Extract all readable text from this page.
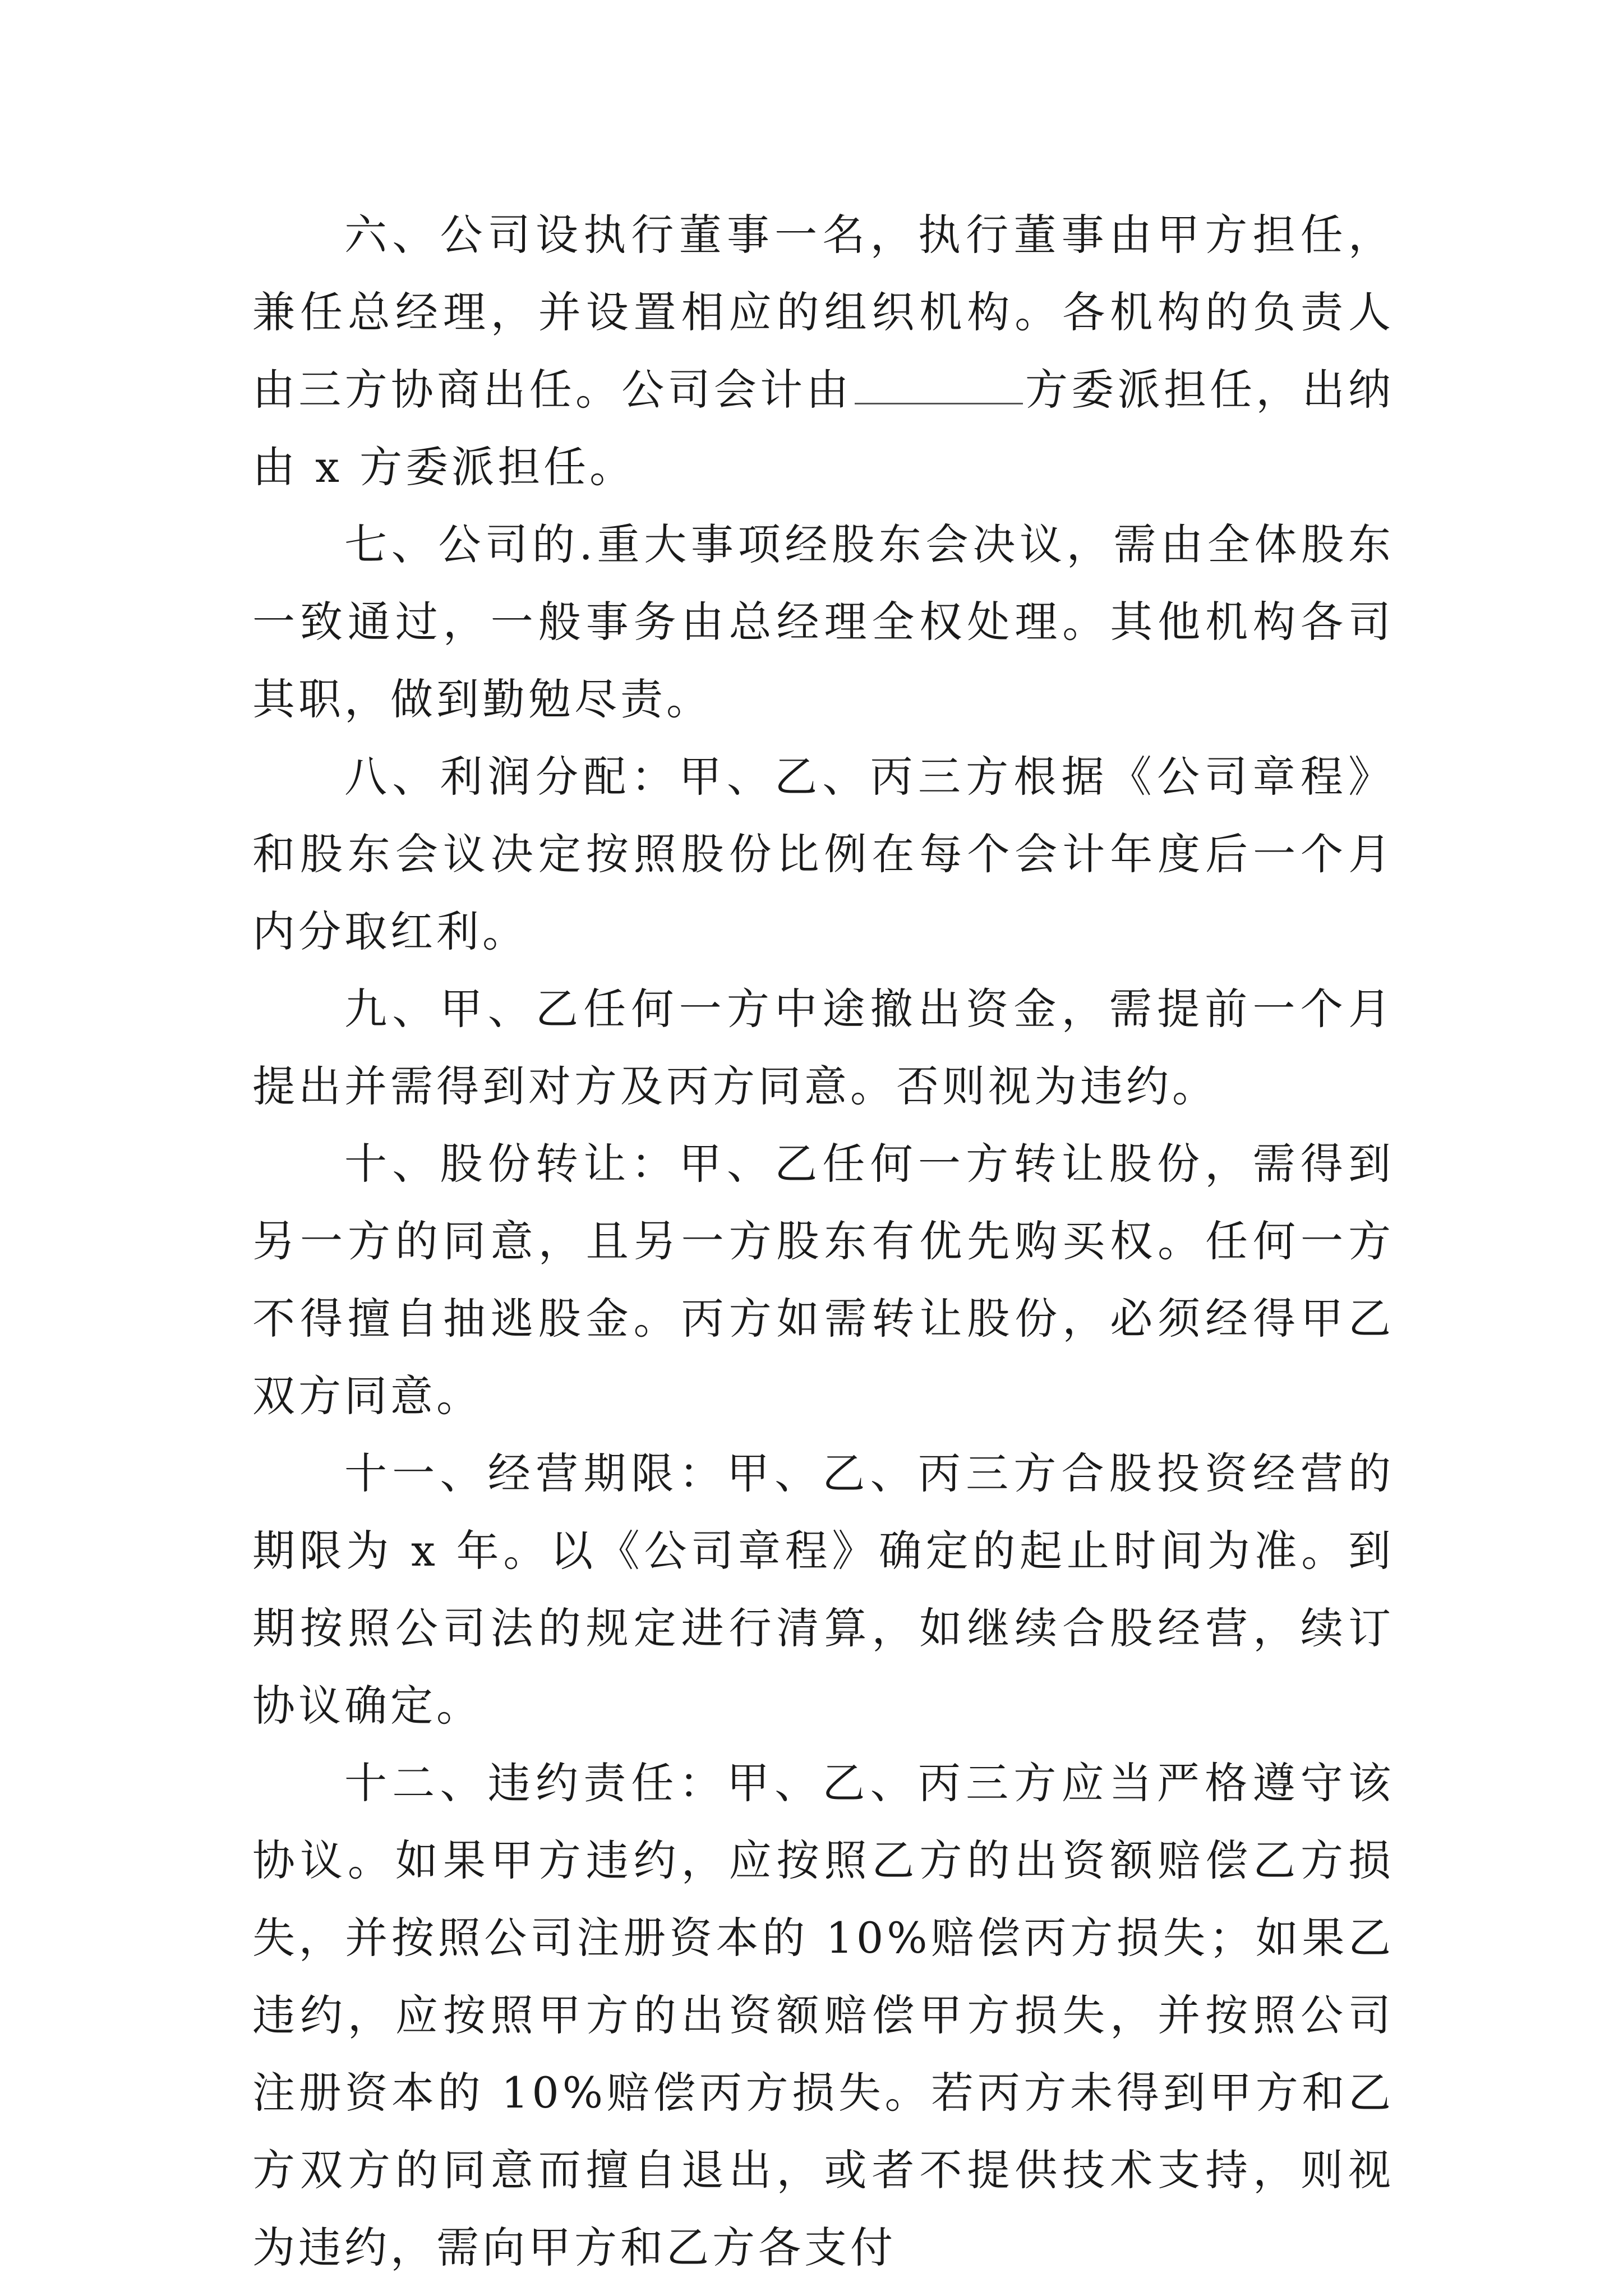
六、公司设执行董事一名，执行董事由甲方担任，兼任总经理，并设置相应的组织机构。各机构的负责人由三方协商出任。公司会计由	方委派担任，出纳由 x 方委派担任。

七、公司的.重大事项经股东会决议，需由全体股东一致通过，一般事务由总经理全权处理。其他机构各司其职，做到勤勉尽责。

八、利润分配：甲、乙、丙三方根据《公司章程》和股东会议决定按照股份比例在每个会计年度后一个月内分取红利。

九、甲、乙任何一方中途撤出资金，需提前一个月提出并需得到对方及丙方同意。否则视为违约。

十、股份转让：甲、乙任何一方转让股份，需得到另一方的同意，且另一方股东有优先购买权。任何一方不得擅自抽逃股金。丙方如需转让股份，必须经得甲乙双方同意。

十一、经营期限：甲、乙、丙三方合股投资经营的期限为 x 年。以《公司章程》确定的起止时间为准。到期按照公司法的规定进行清算，如继续合股经营，续订协议确定。

十二、违约责任：甲、乙、丙三方应当严格遵守该协议。如果甲方违约，应按照乙方的出资额赔偿乙方损失，并按照公司注册资本的 10%赔偿丙方损失；如果乙违约，应按照甲方的出资额赔偿甲方损失，并按照公司注册资本的 10%赔偿丙方损失。若丙方未得到甲方和乙方双方的同意而擅自退出，或者不提供技术支持，则视为违约，需向甲方和乙方各支付
